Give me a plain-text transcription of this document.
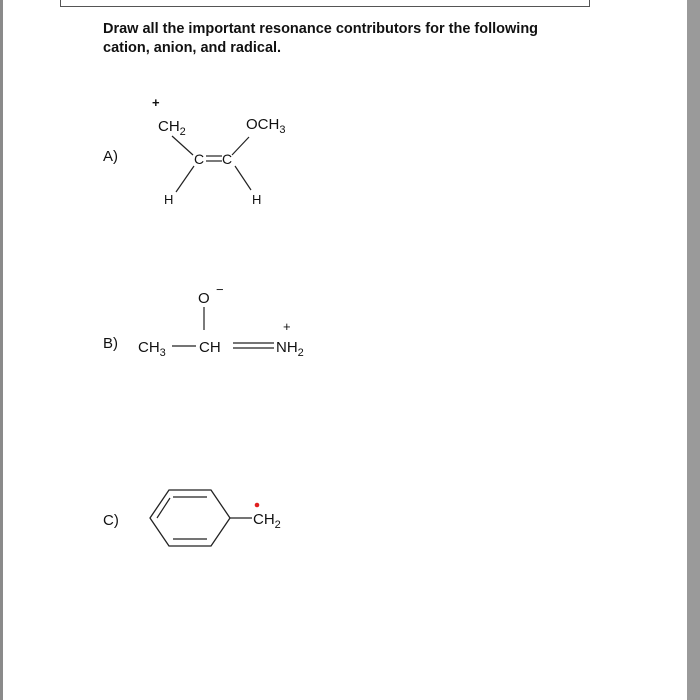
Draw all the important resonance contributors for the following
cation, anion, and radical.
A)
B)
C)
+
$CH_2$	$OCH_3$
C C
H	H
O
−
$CH_3$ CH
+
$NH_2$
$CH_2$
